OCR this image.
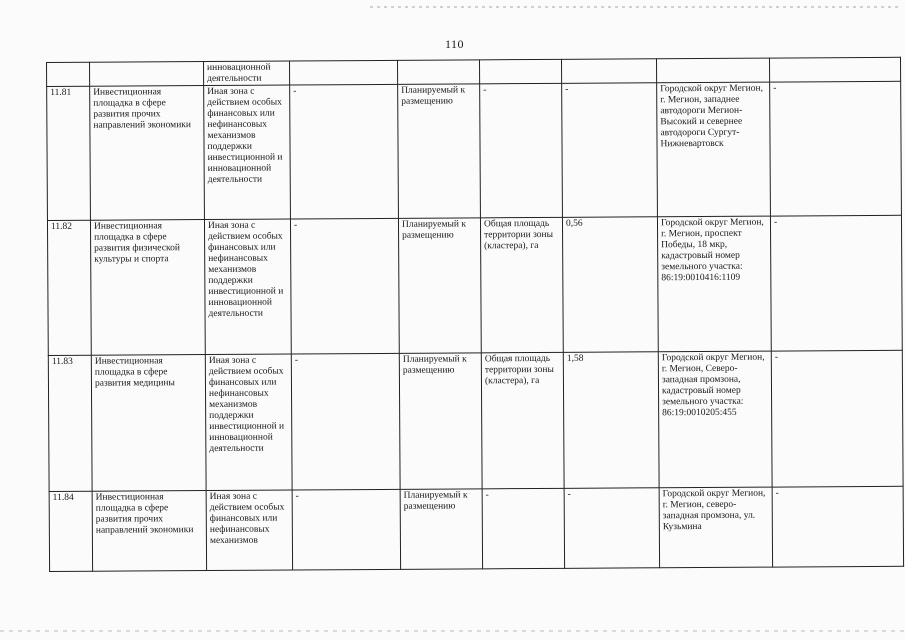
110
		инновационной деятельности						
11.81	Инвестиционная площадка в сфере развития прочих направлений экономики	Иная зона с действием особых финансовых или нефинансовых механизмов поддержки инвестиционной и инновационной деятельности	-	Планируемый к размещению	-	-	Городской округ Мегион, г. Мегион, западнее автодороги Мегион-Высокий и севернее автодороги Сургут-Нижневартовск	-
11.82	Инвестиционная площадка в сфере развития физической культуры и спорта	Иная зона с действием особых финансовых или нефинансовых механизмов поддержки инвестиционной и инновационной деятельности	-	Планируемый к размещению	Общая площадь территории зоны (кластера), га	0,56	Городской округ Мегион, г. Мегион, проспект Победы, 18 мкр, кадастровый номер земельного участка: 86:19:0010416:1109	-
11.83	Инвестиционная площадка в сфере развития медицины	Иная зона с действием особых финансовых или нефинансовых механизмов поддержки инвестиционной и инновационной деятельности	-	Планируемый к размещению	Общая площадь территории зоны (кластера), га	1,58	Городской округ Мегион, г. Мегион, Северо-западная промзона, кадастровый номер земельного участка: 86:19:0010205:455	-
11.84	Инвестиционная площадка в сфере развития прочих направлений экономики	Иная зона с действием особых финансовых или нефинансовых механизмов	-	Планируемый к размещению	-	-	Городской округ Мегион, г. Мегион, северо-западная промзона, ул. Кузьмина	-
